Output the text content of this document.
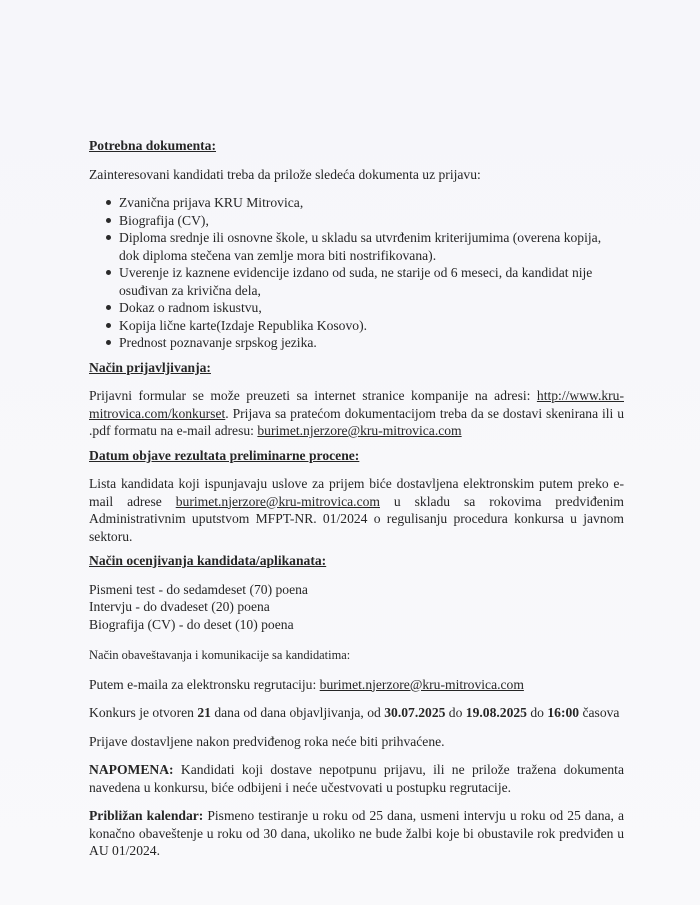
Potrebna dokumenta:

Zainteresovani kandidati treba da prilože sledeća dokumenta uz prijavu:

Zvanična prijava KRU Mitrovica,
Biografija (CV),
Diploma srednje ili osnovne škole, u skladu sa utvrđenim kriterijumima (overena kopija, dok diploma stečena van zemlje mora biti nostrifikovana).
Uverenje iz kaznene evidencije izdano od suda, ne starije od 6 meseci, da kandidat nije osuđivan za krivična dela,
Dokaz o radnom iskustvu,
Kopija lične karte(Izdaje Republika Kosovo).
Prednost poznavanje srpskog jezika.

Način prijavljivanja:

Prijavni formular se može preuzeti sa internet stranice kompanije na adresi: http://www.kru-mitrovica.com/konkurset. Prijava sa pratećom dokumentacijom treba da se dostavi skenirana ili u .pdf formatu na e-mail adresu: burimet.njerzore@kru-mitrovica.com

Datum objave rezultata preliminarne procene:

Lista kandidata koji ispunjavaju uslove za prijem biće dostavljena elektronskim putem preko e-mail adrese burimet.njerzore@kru-mitrovica.com u skladu sa rokovima predviđenim Administrativnim uputstvom MFPT-NR. 01/2024 o regulisanju procedura konkursa u javnom sektoru.

Način ocenjivanja kandidata/aplikanata:

Pismeni test - do sedamdeset (70) poena

Intervju - do dvadeset (20) poena

Biografija (CV) - do deset (10) poena

Način obaveštavanja i komunikacije sa kandidatima:

Putem e-maila za elektronsku regrutaciju: burimet.njerzore@kru-mitrovica.com

Konkurs je otvoren 21 dana od dana objavljivanja, od 30.07.2025 do 19.08.2025 do 16:00 časova

Prijave dostavljene nakon predviđenog roka neće biti prihvaćene.

NAPOMENA: Kandidati koji dostave nepotpunu prijavu, ili ne prilože tražena dokumenta navedena u konkursu, biće odbijeni i neće učestvovati u postupku regrutacije.

Približan kalendar: Pismeno testiranje u roku od 25 dana, usmeni intervju u roku od 25 dana, a konačno obaveštenje u roku od 30 dana, ukoliko ne bude žalbi koje bi obustavile rok predviđen u AU 01/2024.
